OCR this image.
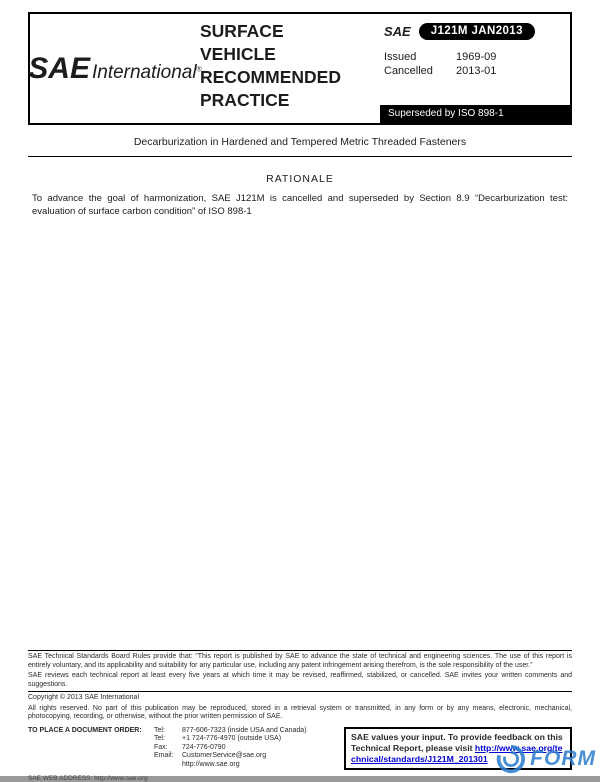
SAE International®
SURFACE
VEHICLE
RECOMMENDED
PRACTICE
SAE	J121M JAN2013
Issued	1969-09
Cancelled	2013-01
Superseded by ISO 898-1
Decarburization in Hardened and Tempered Metric Threaded Fasteners
RATIONALE
To advance the goal of harmonization, SAE J121M is cancelled and superseded by Section 8.9 “Decarburization test: evaluation of surface carbon condition” of ISO 898-1

SAE Technical Standards Board Rules provide that: “This report is published by SAE to advance the state of technical and engineering sciences. The use of this report is entirely voluntary, and its applicability and suitability for any particular use, including any patent infringement arising therefrom, is the sole responsibility of the user.”

SAE reviews each technical report at least every five years at which time it may be revised, reaffirmed, stabilized, or cancelled. SAE invites your written comments and suggestions.

Copyright © 2013 SAE International

All rights reserved. No part of this publication may be reproduced, stored in a retrieval system or transmitted, in any form or by any means, electronic, mechanical, photocopying, recording, or otherwise, without the prior written permission of SAE.

TO PLACE A DOCUMENT ORDER:	Tel:	877-606-7323 (inside USA and Canada)
Tel:	+1 724-776-4970 (outside USA)
Fax:	724-776-0790
Email:	CustomerService@sae.org
http://www.sae.org
SAE values your input. To provide feedback on this Technical Report, please visit http://www.sae.org/technical/standards/J121M_201301
SAE WEB ADDRESS: http://www.sae.org
FORM
